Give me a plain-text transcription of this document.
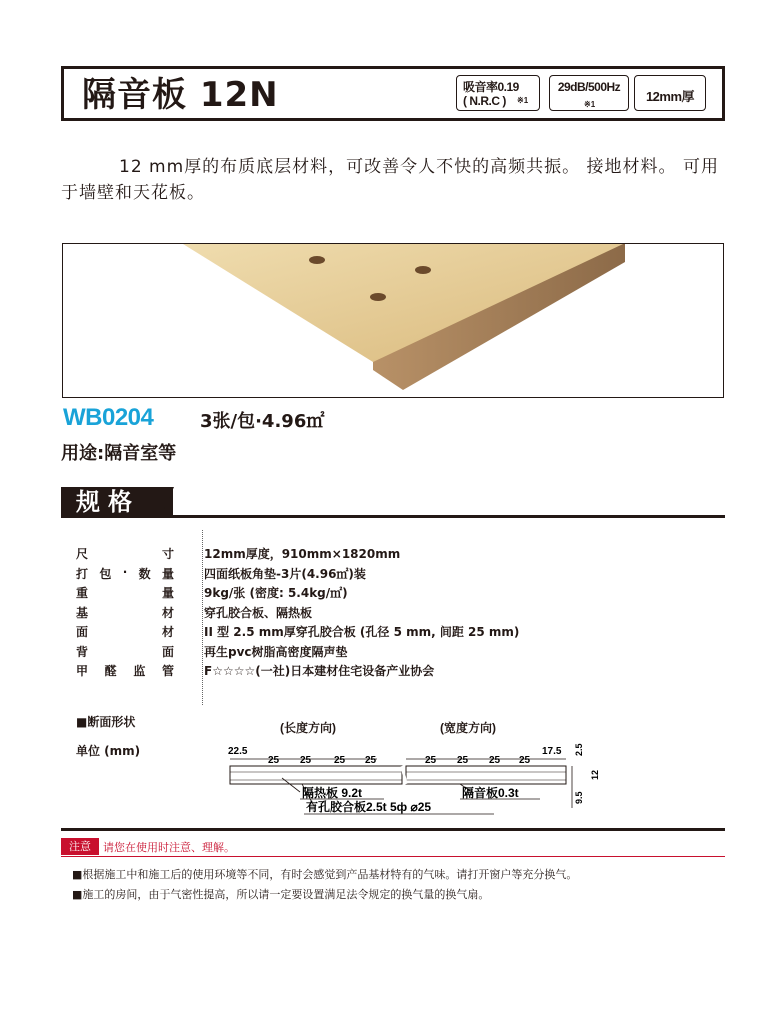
隔音板 12N	吸音率0.19
( N.R.C ) ※1
29dB/500Hz
※1
12mm厚
12 mm厚的布质底层材料，可改善令人不快的高频共振。 接地材料。 可用于墙壁和天花板。
WB0204	3张/包·4.96㎡
用途:隔音室等
规格
尺	寸	12mm厚度，910mm×1820mm
打 包 · 数 量	四面纸板角垫-3片(4.96㎡)装
重	量	9kg/张 (密度: 5.4kg/㎡)
基	材	穿孔胶合板、隔热板
面	材	II 型 2.5 mm厚穿孔胶合板 (孔径 5 mm, 间距 25 mm)
背	面	再生pvc树脂高密度隔声垫
甲 醛 监 管	F☆☆☆☆(一社)日本建材住宅设备产业协会
■断面形状
单位 (mm)
(长度方向)	(宽度方向)
22.5
25 25 25 25	25 25 25 25
17.5 2.5
12
9.5
隔热板 9.2t
有孔胶合板2.5t 5ф ⌀25
隔音板0.3t
注意	请您在使用时注意、理解。
■根据施工中和施工后的使用环境等不同，有时会感觉到产品基材特有的气味。请打开窗户等充分换气。
■施工的房间，由于气密性提高，所以请一定要设置满足法令规定的换气量的换气扇。
